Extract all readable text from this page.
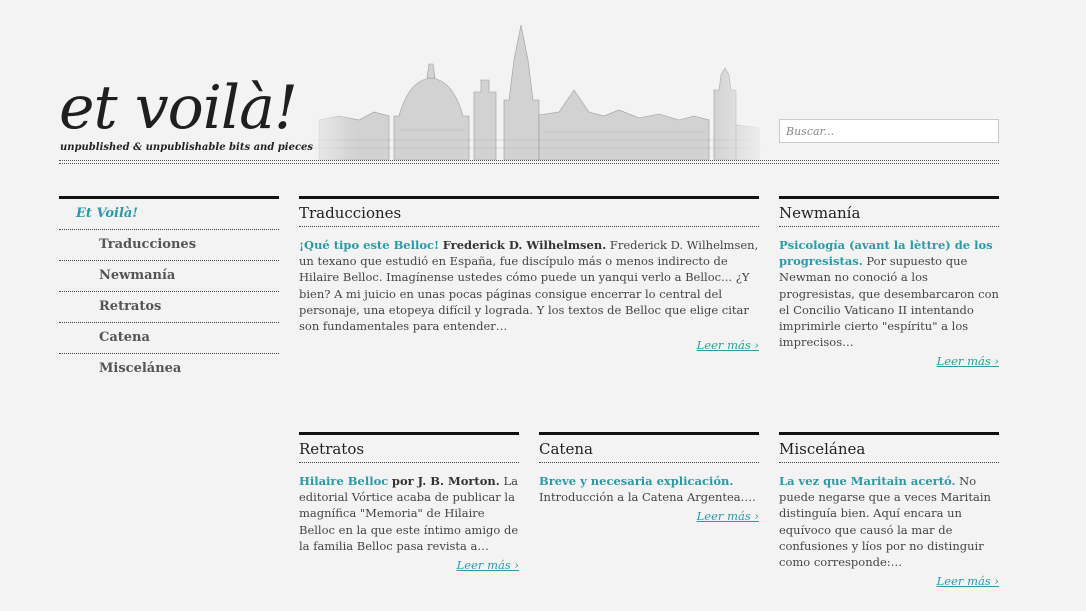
et voilà!
unpublished & unpublishable bits and pieces
Buscar...
Et Voilà!
Traducciones
Newmanía
Retratos
Catena
Miscelánea
Traducciones
¡Qué tipo este Belloc! Frederick D. Wilhelmsen. Frederick D. Wilhelmsen, un texano que estudió en España, fue discípulo más o menos indirecto de Hilaire Belloc. Imagínense ustedes cómo puede un yanqui verlo a Belloc... ¿Y bien? A mi juicio en unas pocas páginas consigue encerrar lo central del personaje, una etopeya difícil y lograda. Y los textos de Belloc que elige citar son fundamentales para entender…
Leer más ›
Newmanía
Psicología (avant la lèttre) de los progresistas. Por supuesto que Newman no conoció a los progresistas, que desembarcaron con el Concilio Vaticano II intentando imprimirle cierto "espíritu" a los imprecisos…
Leer más ›
Retratos
Hilaire Belloc por J. B. Morton. La editorial Vórtice acaba de publicar la magnífica "Memoria" de Hilaire Belloc en la que este íntimo amigo de la familia Belloc pasa revista a…
Leer más ›
Catena
Breve y necesaria explicación. Introducción a la Catena Argentea.…
Leer más ›
Miscelánea
La vez que Maritain acertó. No puede negarse que a veces Maritain distinguía bien. Aquí encara un equívoco que causó la mar de confusiones y líos por no distinguir como corresponde:…
Leer más ›
